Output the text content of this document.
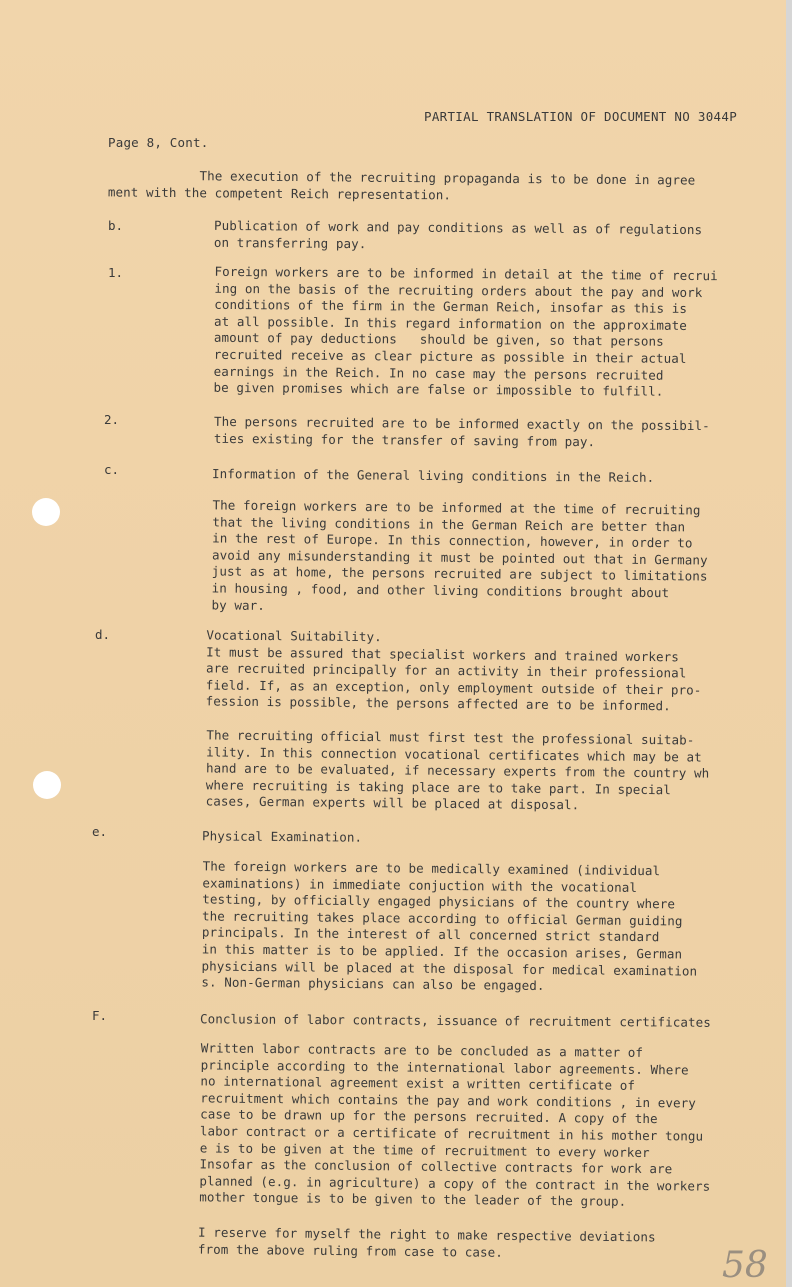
PARTIAL TRANSLATION OF DOCUMENT NO 3044P
Page 8, Cont.
The execution of the recruiting propaganda is to be done in agree
ment with the competent Reich representation.
b.	Publication of work and pay conditions as well as of regulations
on transferring pay.
1.	Foreign workers are to be informed in detail at the time of recrui
ing on the basis of the recruiting orders about the pay and work
conditions of the firm in the German Reich, insofar as this is
at all possible. In this regard information on the approximate
amount of pay deductions   should be given, so that persons
recruited receive as clear picture as possible in their actual
earnings in the Reich. In no case may the persons recruited
be given promises which are false or impossible to fulfill.
2.	The persons recruited are to be informed exactly on the possibil-
ties existing for the transfer of saving from pay.
c.	Information of the General living conditions in the Reich.
The foreign workers are to be informed at the time of recruiting
that the living conditions in the German Reich are better than
in the rest of Europe. In this connection, however, in order to
avoid any misunderstanding it must be pointed out that in Germany
just as at home, the persons recruited are subject to limitations
in housing , food, and other living conditions brought about
by war.
d.	Vocational Suitability.
It must be assured that specialist workers and trained workers
are recruited principally for an activity in their professional
field. If, as an exception, only employment outside of their pro-
fession is possible, the persons affected are to be informed.
The recruiting official must first test the professional suitab-
ility. In this connection vocational certificates which may be at
hand are to be evaluated, if necessary experts from the country wh
where recruiting is taking place are to take part. In special
cases, German experts will be placed at disposal.
e.	Physical Examination.
The foreign workers are to be medically examined (individual
examinations) in immediate conjuction with the vocational
testing, by officially engaged physicians of the country where
the recruiting takes place according to official German guiding
principals. In the interest of all concerned strict standard
in this matter is to be applied. If the occasion arises, German
physicians will be placed at the disposal for medical examination
s. Non-German physicians can also be engaged.
F.	Conclusion of labor contracts, issuance of recruitment certificates
Written labor contracts are to be concluded as a matter of
principle according to the international labor agreements. Where
no international agreement exist a written certificate of
recruitment which contains the pay and work conditions , in every
case to be drawn up for the persons recruited. A copy of the
labor contract or a certificate of recruitment in his mother tongu
e is to be given at the time of recruitment to every worker
Insofar as the conclusion of collective contracts for work are
planned (e.g. in agriculture) a copy of the contract in the workers
mother tongue is to be given to the leader of the group.
I reserve for myself the right to make respective deviations
from the above ruling from case to case.	58
